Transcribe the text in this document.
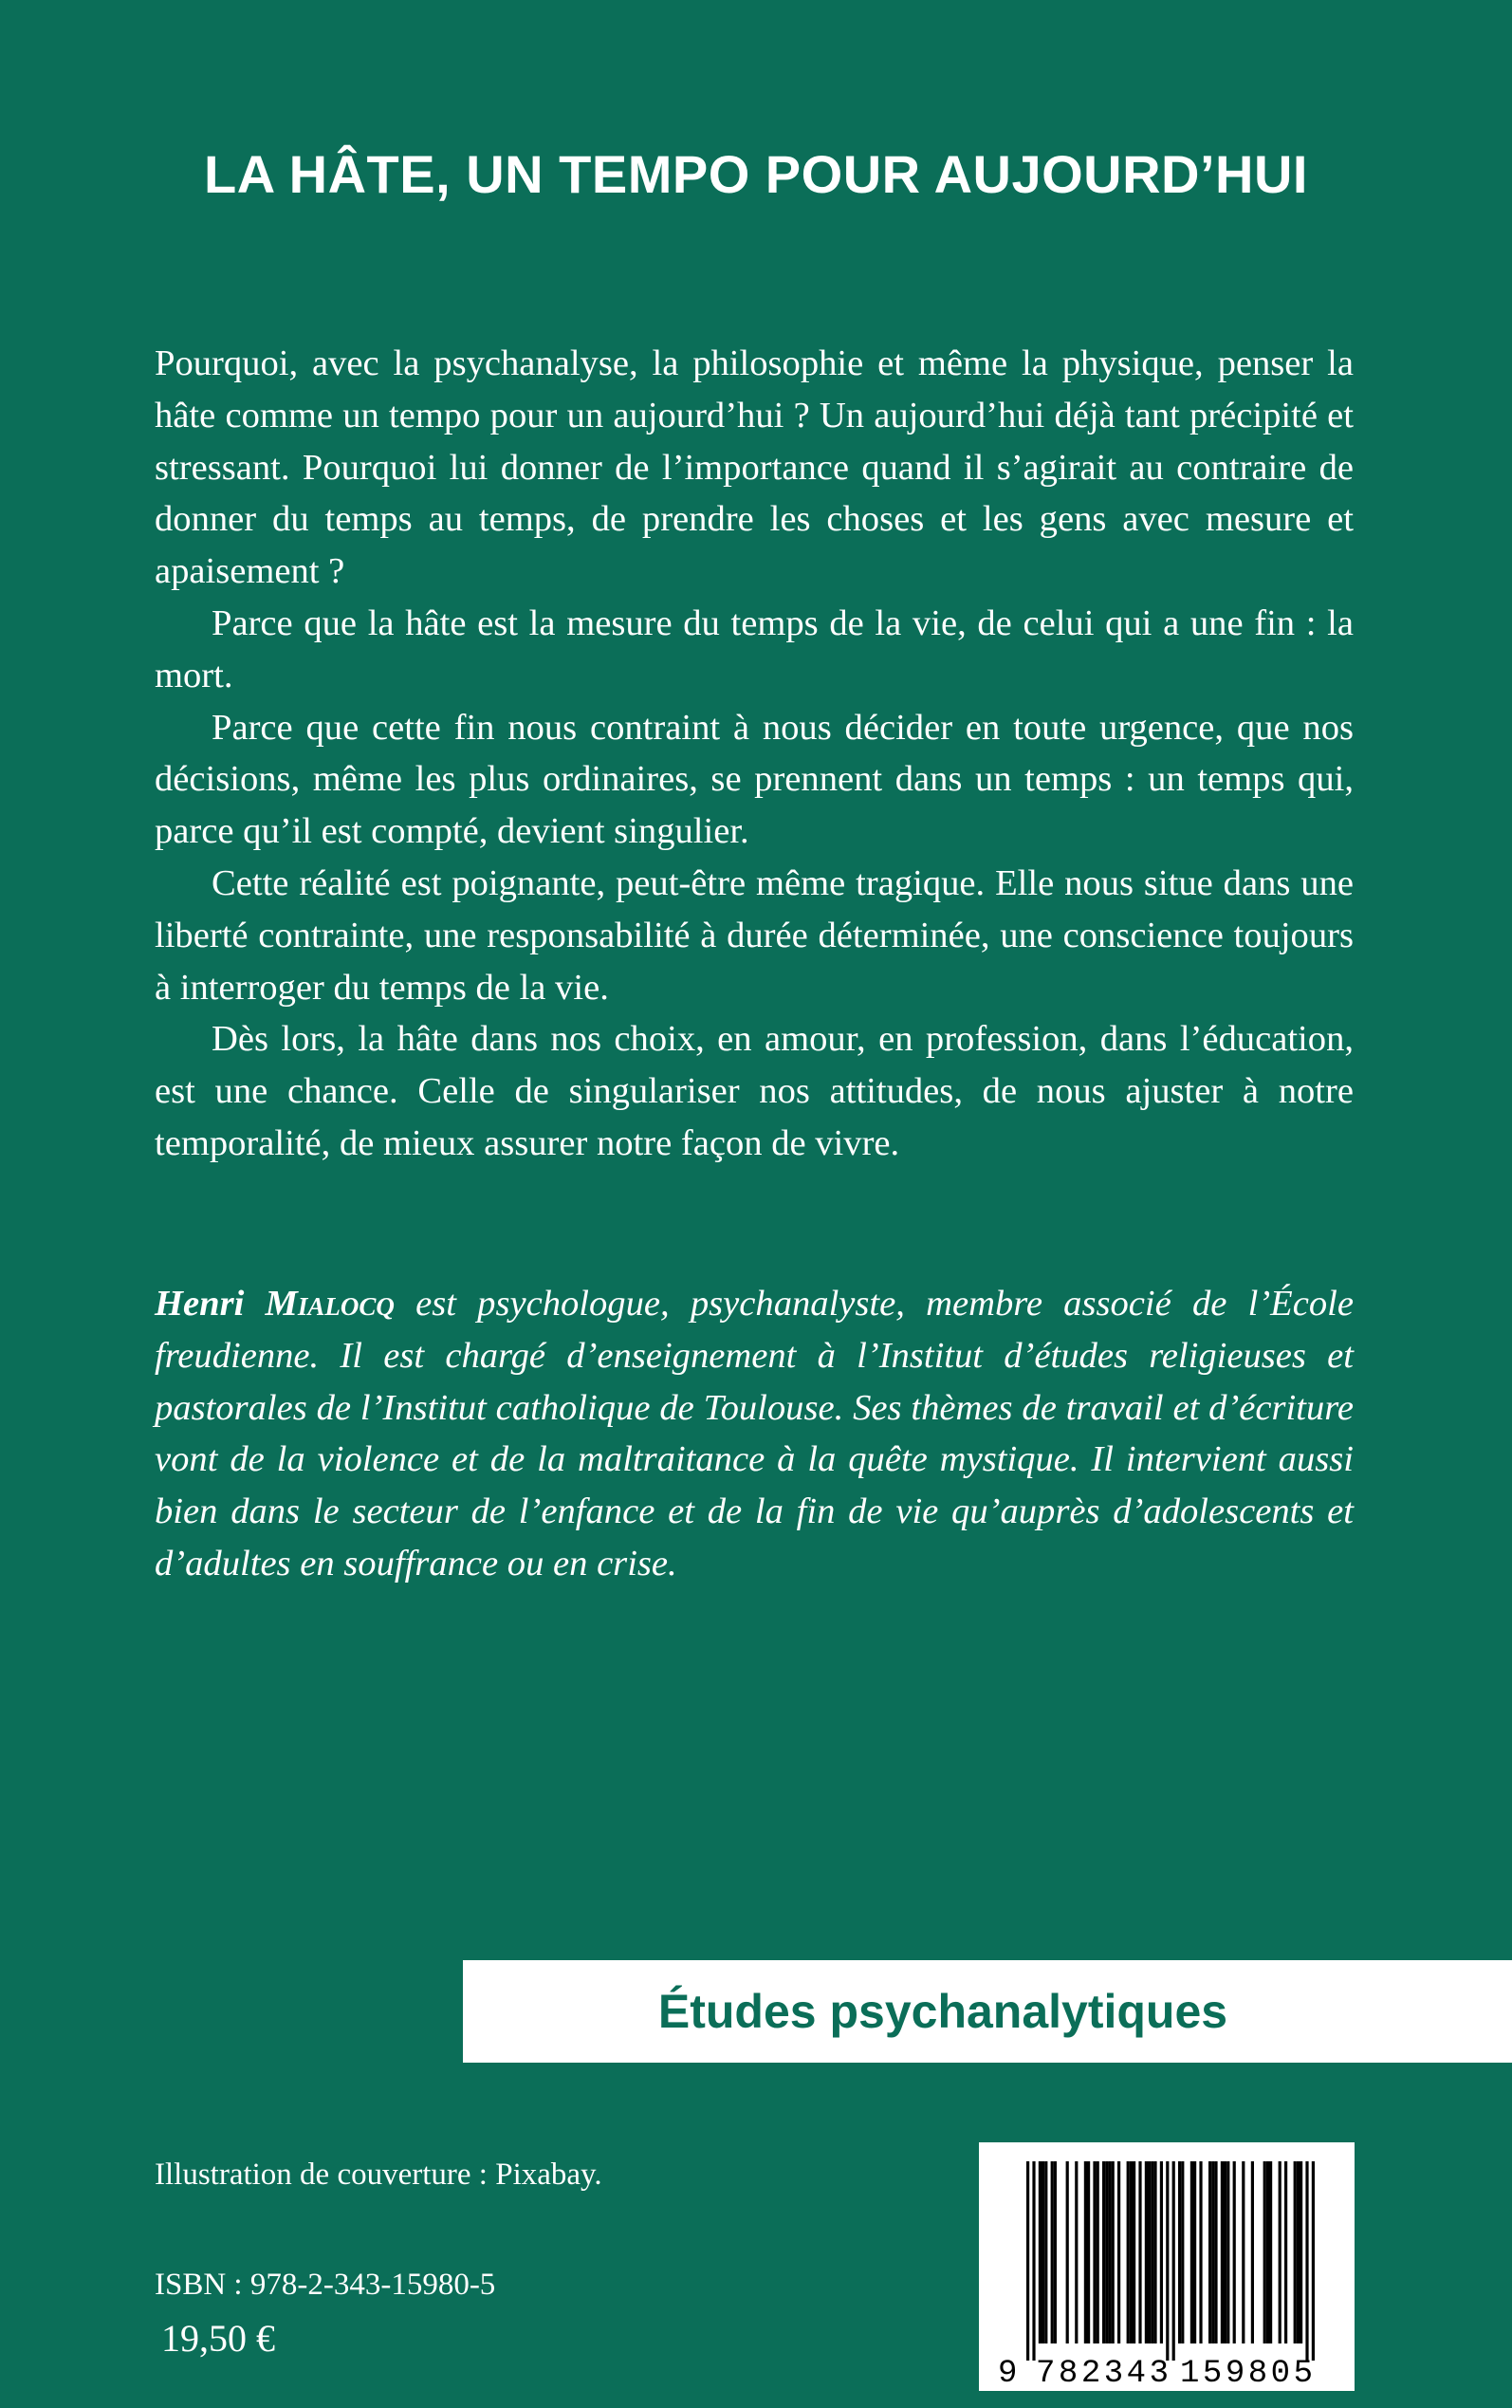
LA HÂTE, UN TEMPO POUR AUJOURD’HUI

Pourquoi, avec la psychanalyse, la philosophie et même la physique, penser la hâte comme un tempo pour un aujourd’hui ? Un aujourd’hui déjà tant précipité et stressant. Pourquoi lui donner de l’importance quand il s’agirait au contraire de donner du temps au temps, de prendre les choses et les gens avec mesure et apaisement ?

Parce que la hâte est la mesure du temps de la vie, de celui qui a une fin : la mort.

Parce que cette fin nous contraint à nous décider en toute urgence, que nos décisions, même les plus ordinaires, se prennent dans un temps : un temps qui, parce qu’il est compté, devient singulier.

Cette réalité est poignante, peut-être même tragique. Elle nous situe dans une liberté contrainte, une responsabilité à durée déterminée, une conscience toujours à interroger du temps de la vie.

Dès lors, la hâte dans nos choix, en amour, en profession, dans l’éducation, est une chance. Celle de singulariser nos attitudes, de nous ajuster à notre temporalité, de mieux assurer notre façon de vivre.

Henri Mialocq est psychologue, psychanalyste, membre associé de l’École freudienne. Il est chargé d’enseignement à l’Institut d’études religieuses et pastorales de l’Institut catholique de Toulouse. Ses thèmes de travail et d’écriture vont de la violence et de la maltraitance à la quête mystique. Il intervient aussi bien dans le secteur de l’enfance et de la fin de vie qu’auprès d’adolescents et d’adultes en souffrance ou en crise.

Études psychanalytiques

Illustration de couverture : Pixabay.

ISBN : 978-2-343-15980-5

19,50 €

9 782343 159805
